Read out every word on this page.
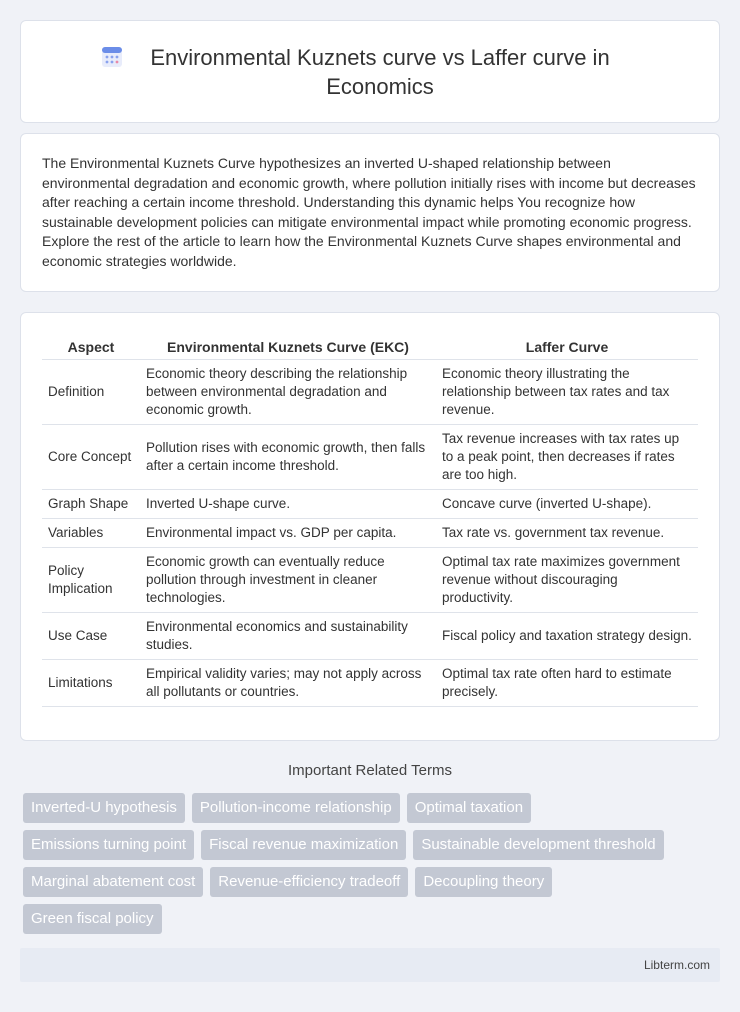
Environmental Kuznets curve vs Laffer curve in Economics

The Environmental Kuznets Curve hypothesizes an inverted U-shaped relationship between environmental degradation and economic growth, where pollution initially rises with income but decreases after reaching a certain income threshold. Understanding this dynamic helps You recognize how sustainable development policies can mitigate environmental impact while promoting economic progress. Explore the rest of the article to learn how the Environmental Kuznets Curve shapes environmental and economic strategies worldwide.

Aspect	Environmental Kuznets Curve (EKC)	Laffer Curve
Definition	Economic theory describing the relationship between environmental degradation and economic growth.	Economic theory illustrating the relationship between tax rates and tax revenue.
Core Concept	Pollution rises with economic growth, then falls after a certain income threshold.	Tax revenue increases with tax rates up to a peak point, then decreases if rates are too high.
Graph Shape	Inverted U-shape curve.	Concave curve (inverted U-shape).
Variables	Environmental impact vs. GDP per capita.	Tax rate vs. government tax revenue.
Policy Implication	Economic growth can eventually reduce pollution through investment in cleaner technologies.	Optimal tax rate maximizes government revenue without discouraging productivity.
Use Case	Environmental economics and sustainability studies.	Fiscal policy and taxation strategy design.
Limitations	Empirical validity varies; may not apply across all pollutants or countries.	Optimal tax rate often hard to estimate precisely.
Important Related Terms
Inverted-U hypothesis	Pollution-income relationship	Optimal taxation
Emissions turning point	Fiscal revenue maximization	Sustainable development threshold
Marginal abatement cost	Revenue-efficiency tradeoff	Decoupling theory
Green fiscal policy
Libterm.com
